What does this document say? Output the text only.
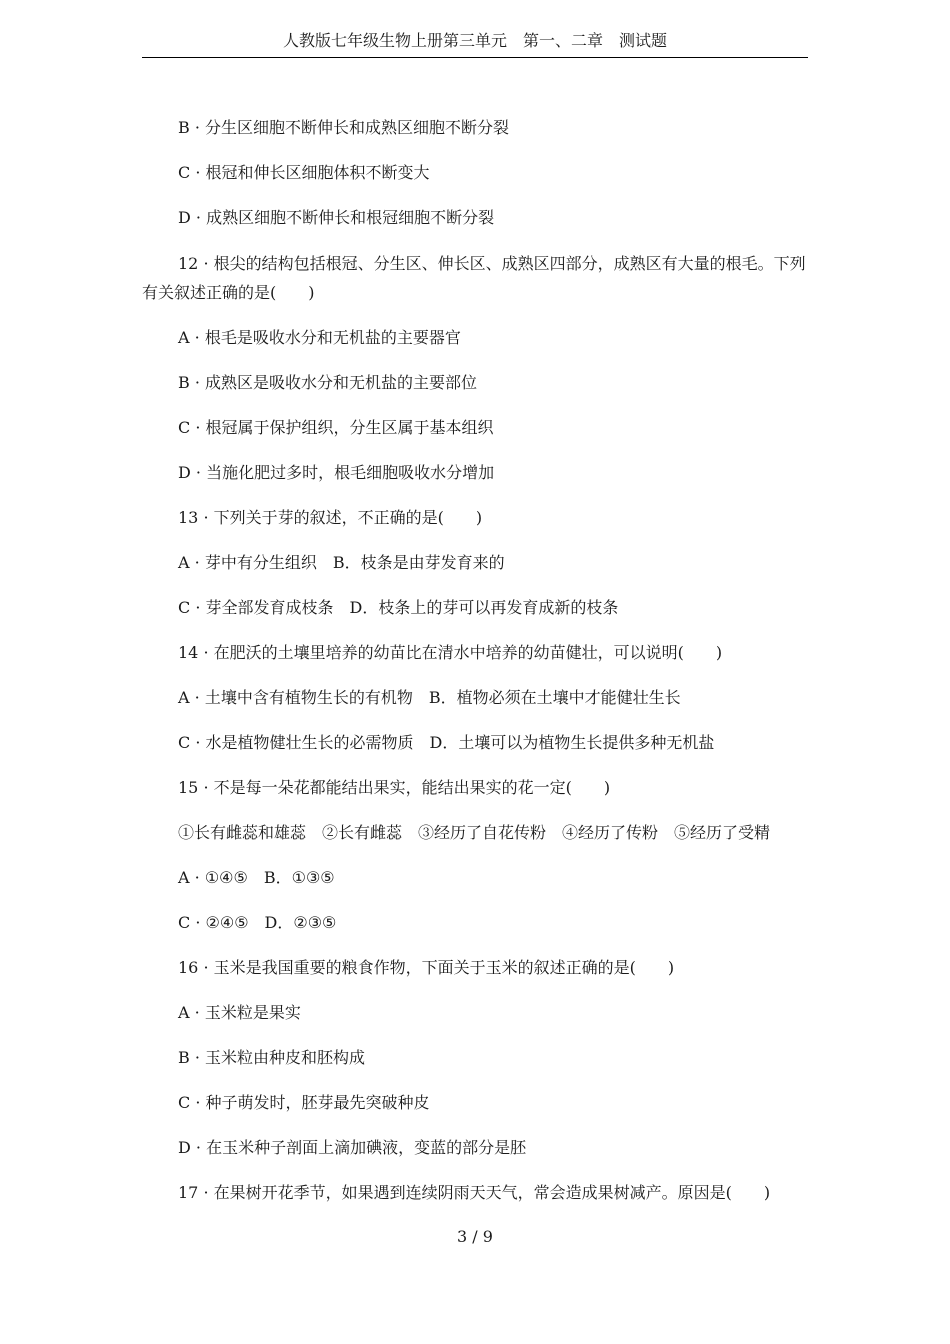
人教版七年级生物上册第三单元　第一、二章　测试题

B · 分生区细胞不断伸长和成熟区细胞不断分裂

C · 根冠和伸长区细胞体积不断变大

D · 成熟区细胞不断伸长和根冠细胞不断分裂

12 · 根尖的结构包括根冠、分生区、伸长区、成熟区四部分，成熟区有大量的根毛。下列有关叙述正确的是(　　)

A · 根毛是吸收水分和无机盐的主要器官

B · 成熟区是吸收水分和无机盐的主要部位

C · 根冠属于保护组织，分生区属于基本组织

D · 当施化肥过多时，根毛细胞吸收水分增加

13 · 下列关于芽的叙述，不正确的是(　　)

A · 芽中有分生组织　B．枝条是由芽发育来的

C · 芽全部发育成枝条　D．枝条上的芽可以再发育成新的枝条

14 · 在肥沃的土壤里培养的幼苗比在清水中培养的幼苗健壮，可以说明(　　)

A · 土壤中含有植物生长的有机物　B．植物必须在土壤中才能健壮生长

C · 水是植物健壮生长的必需物质　D．土壤可以为植物生长提供多种无机盐

15 · 不是每一朵花都能结出果实，能结出果实的花一定(　　)

①长有雌蕊和雄蕊　②长有雌蕊　③经历了自花传粉　④经历了传粉　⑤经历了受精

A · ①④⑤　B．①③⑤

C · ②④⑤　D．②③⑤

16 · 玉米是我国重要的粮食作物，下面关于玉米的叙述正确的是(　　)

A · 玉米粒是果实

B · 玉米粒由种皮和胚构成

C · 种子萌发时，胚芽最先突破种皮

D · 在玉米种子剖面上滴加碘液，变蓝的部分是胚

17 · 在果树开花季节，如果遇到连续阴雨天天气，常会造成果树减产。原因是(　　)

3 / 9
